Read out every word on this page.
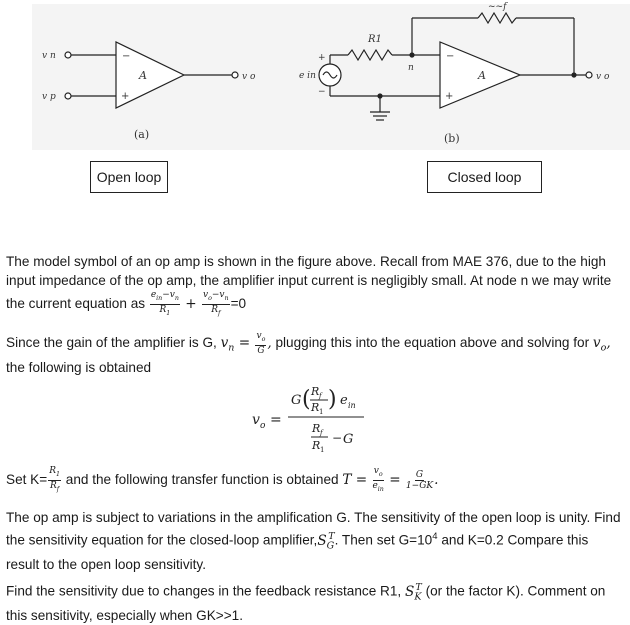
v n
v p
−
+
A	v o
(a)
+
−
e in
R1
~~f
n
−
+
A	v o
(b)
Open loop	Closed loop
The model symbol of an op amp is shown in the figure above. Recall from MAE 376, due to the high input impedance of the op amp, the amplifier input current is negligibly small. At node n we may write the current equation as $\frac{e_{in}-v_n}{R_1} + \frac{v_o-v_n}{R_f} =0$
Since the gain of the amplifier is G, $v_n = \frac{v_o}{G}$ , plugging this into the equation above and solving for $v_o$, the following is obtained
v o =
G ( R f
R 1 ) e in
R f
R 1
− G
Set $K= \frac{R_1}{R_f}$ and the following transfer function is obtained $T = \frac{v_o}{e_{in}} = \frac{G}{1-GK}$ .
The op amp is subject to variations in the amplification G. The sensitivity of the open loop is unity. Find the sensitivity equation for the closed-loop $amplifier,S_G^T$. Then set $G=10^4$ and K=0.2 Compare this result to the open loop sensitivity.
Find the sensitivity due to changes in the feedback resistance R1, $S_K^T$ (or the factor K). Comment on this sensitivity, especially when GK>>1.
